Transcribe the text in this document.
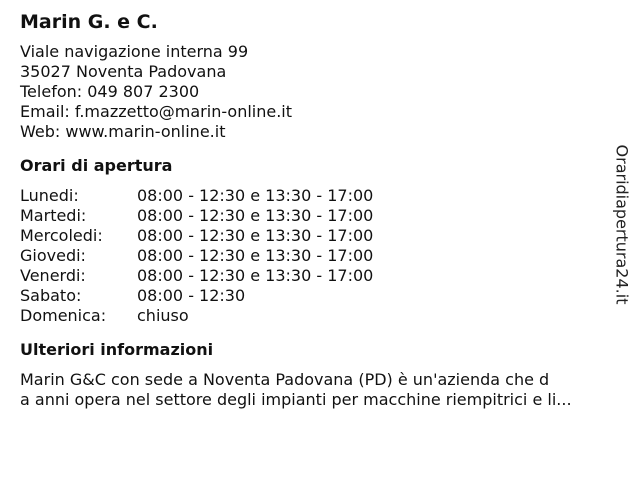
Marin G. e C.
Viale navigazione interna 99
35027 Noventa Padovana
Telefon: 049 807 2300
Email: f.mazzetto@marin-online.it
Web: www.marin-online.it
Orari di apertura
Lunedi:	08:00 - 12:30 e 13:30 - 17:00
Martedi:	08:00 - 12:30 e 13:30 - 17:00
Mercoledi:	08:00 - 12:30 e 13:30 - 17:00
Giovedi:	08:00 - 12:30 e 13:30 - 17:00
Venerdi:	08:00 - 12:30 e 13:30 - 17:00
Sabato:	08:00 - 12:30
Domenica:	chiuso
Ulteriori informazioni
Marin G&C con sede a Noventa Padovana (PD) è un'azienda che d
a anni opera nel settore degli impianti per macchine riempitrici e li...
Oraridiapertura24.it
